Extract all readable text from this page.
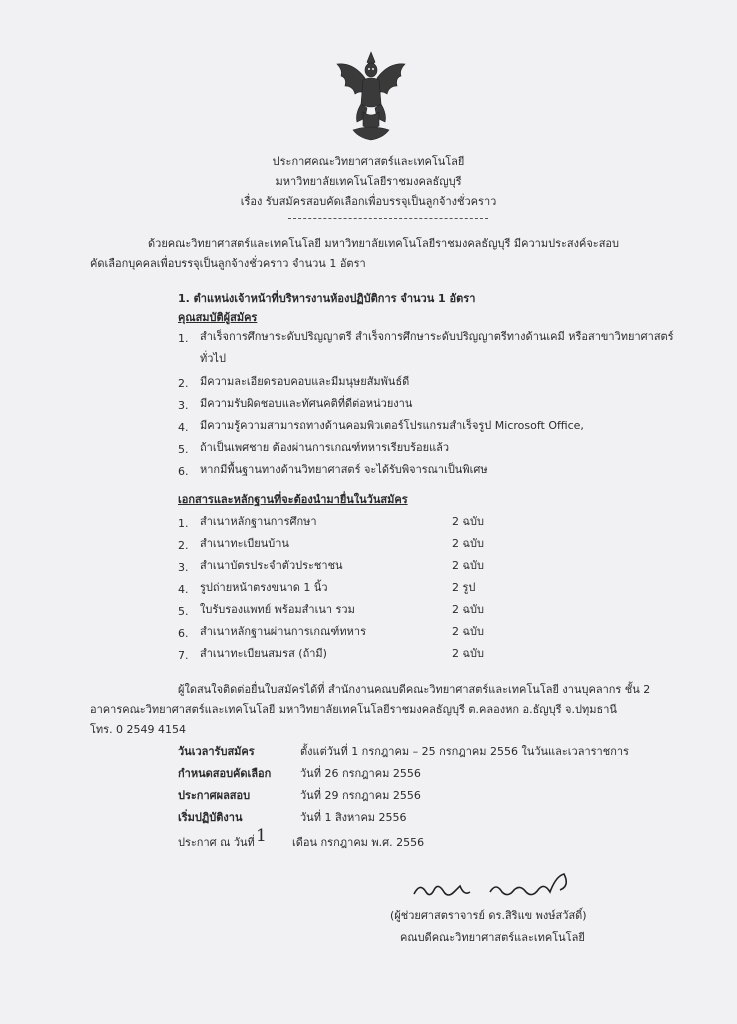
ประกาศคณะวิทยาศาสตร์และเทคโนโลยี
มหาวิทยาลัยเทคโนโลยีราชมงคลธัญบุรี
เรื่อง รับสมัครสอบคัดเลือกเพื่อบรรจุเป็นลูกจ้างชั่วคราว
ด้วยคณะวิทยาศาสตร์และเทคโนโลยี มหาวิทยาลัยเทคโนโลยีราชมงคลธัญบุรี มีความประสงค์จะสอบ
คัดเลือกบุคคลเพื่อบรรจุเป็นลูกจ้างชั่วคราว จำนวน 1 อัตรา
1. ตำแหน่งเจ้าหน้าที่บริหารงานห้องปฏิบัติการ จำนวน 1 อัตรา
คุณสมบัติผู้สมัคร
1. สำเร็จการศึกษาระดับปริญญาตรี สำเร็จการศึกษาระดับปริญญาตรีทางด้านเคมี หรือสาขาวิทยาศาสตร์
ทั่วไป
2. มีความละเอียดรอบคอบและมีมนุษยสัมพันธ์ดี
3. มีความรับผิดชอบและทัศนคติที่ดีต่อหน่วยงาน
4. มีความรู้ความสามารถทางด้านคอมพิวเตอร์โปรแกรมสำเร็จรูป Microsoft Office,
5. ถ้าเป็นเพศชาย ต้องผ่านการเกณฑ์ทหารเรียบร้อยแล้ว
6. หากมีพื้นฐานทางด้านวิทยาศาสตร์ จะได้รับพิจารณาเป็นพิเศษ
เอกสารและหลักฐานที่จะต้องนำมายื่นในวันสมัคร
1. สำเนาหลักฐานการศึกษา	2 ฉบับ
2. สำเนาทะเบียนบ้าน	2 ฉบับ
3. สำเนาบัตรประจำตัวประชาชน	2 ฉบับ
4. รูปถ่ายหน้าตรงขนาด 1 นิ้ว	2 รูป
5. ใบรับรองแพทย์ พร้อมสำเนา รวม	2 ฉบับ
6. สำเนาหลักฐานผ่านการเกณฑ์ทหาร	2 ฉบับ
7. สำเนาทะเบียนสมรส (ถ้ามี)	2 ฉบับ
ผู้ใดสนใจติดต่อยื่นใบสมัครได้ที่ สำนักงานคณบดีคณะวิทยาศาสตร์และเทคโนโลยี งานบุคลากร ชั้น 2
อาคารคณะวิทยาศาสตร์และเทคโนโลยี มหาวิทยาลัยเทคโนโลยีราชมงคลธัญบุรี ต.คลองหก อ.ธัญบุรี จ.ปทุมธานี
โทร. 0 2549 4154
วันเวลารับสมัคร	ตั้งแต่วันที่ 1 กรกฎาคม – 25 กรกฎาคม 2556 ในวันและเวลาราชการ
กำหนดสอบคัดเลือก	วันที่ 26 กรกฎาคม 2556
ประกาศผลสอบ	วันที่ 29 กรกฎาคม 2556
เริ่มปฏิบัติงาน	วันที่ 1 สิงหาคม 2556
ประกาศ ณ วันที่ 1 เดือน กรกฎาคม พ.ศ. 2556
(ผู้ช่วยศาสตราจารย์ ดร.สิริแข พงษ์สวัสดิ์)
คณบดีคณะวิทยาศาสตร์และเทคโนโลยี
